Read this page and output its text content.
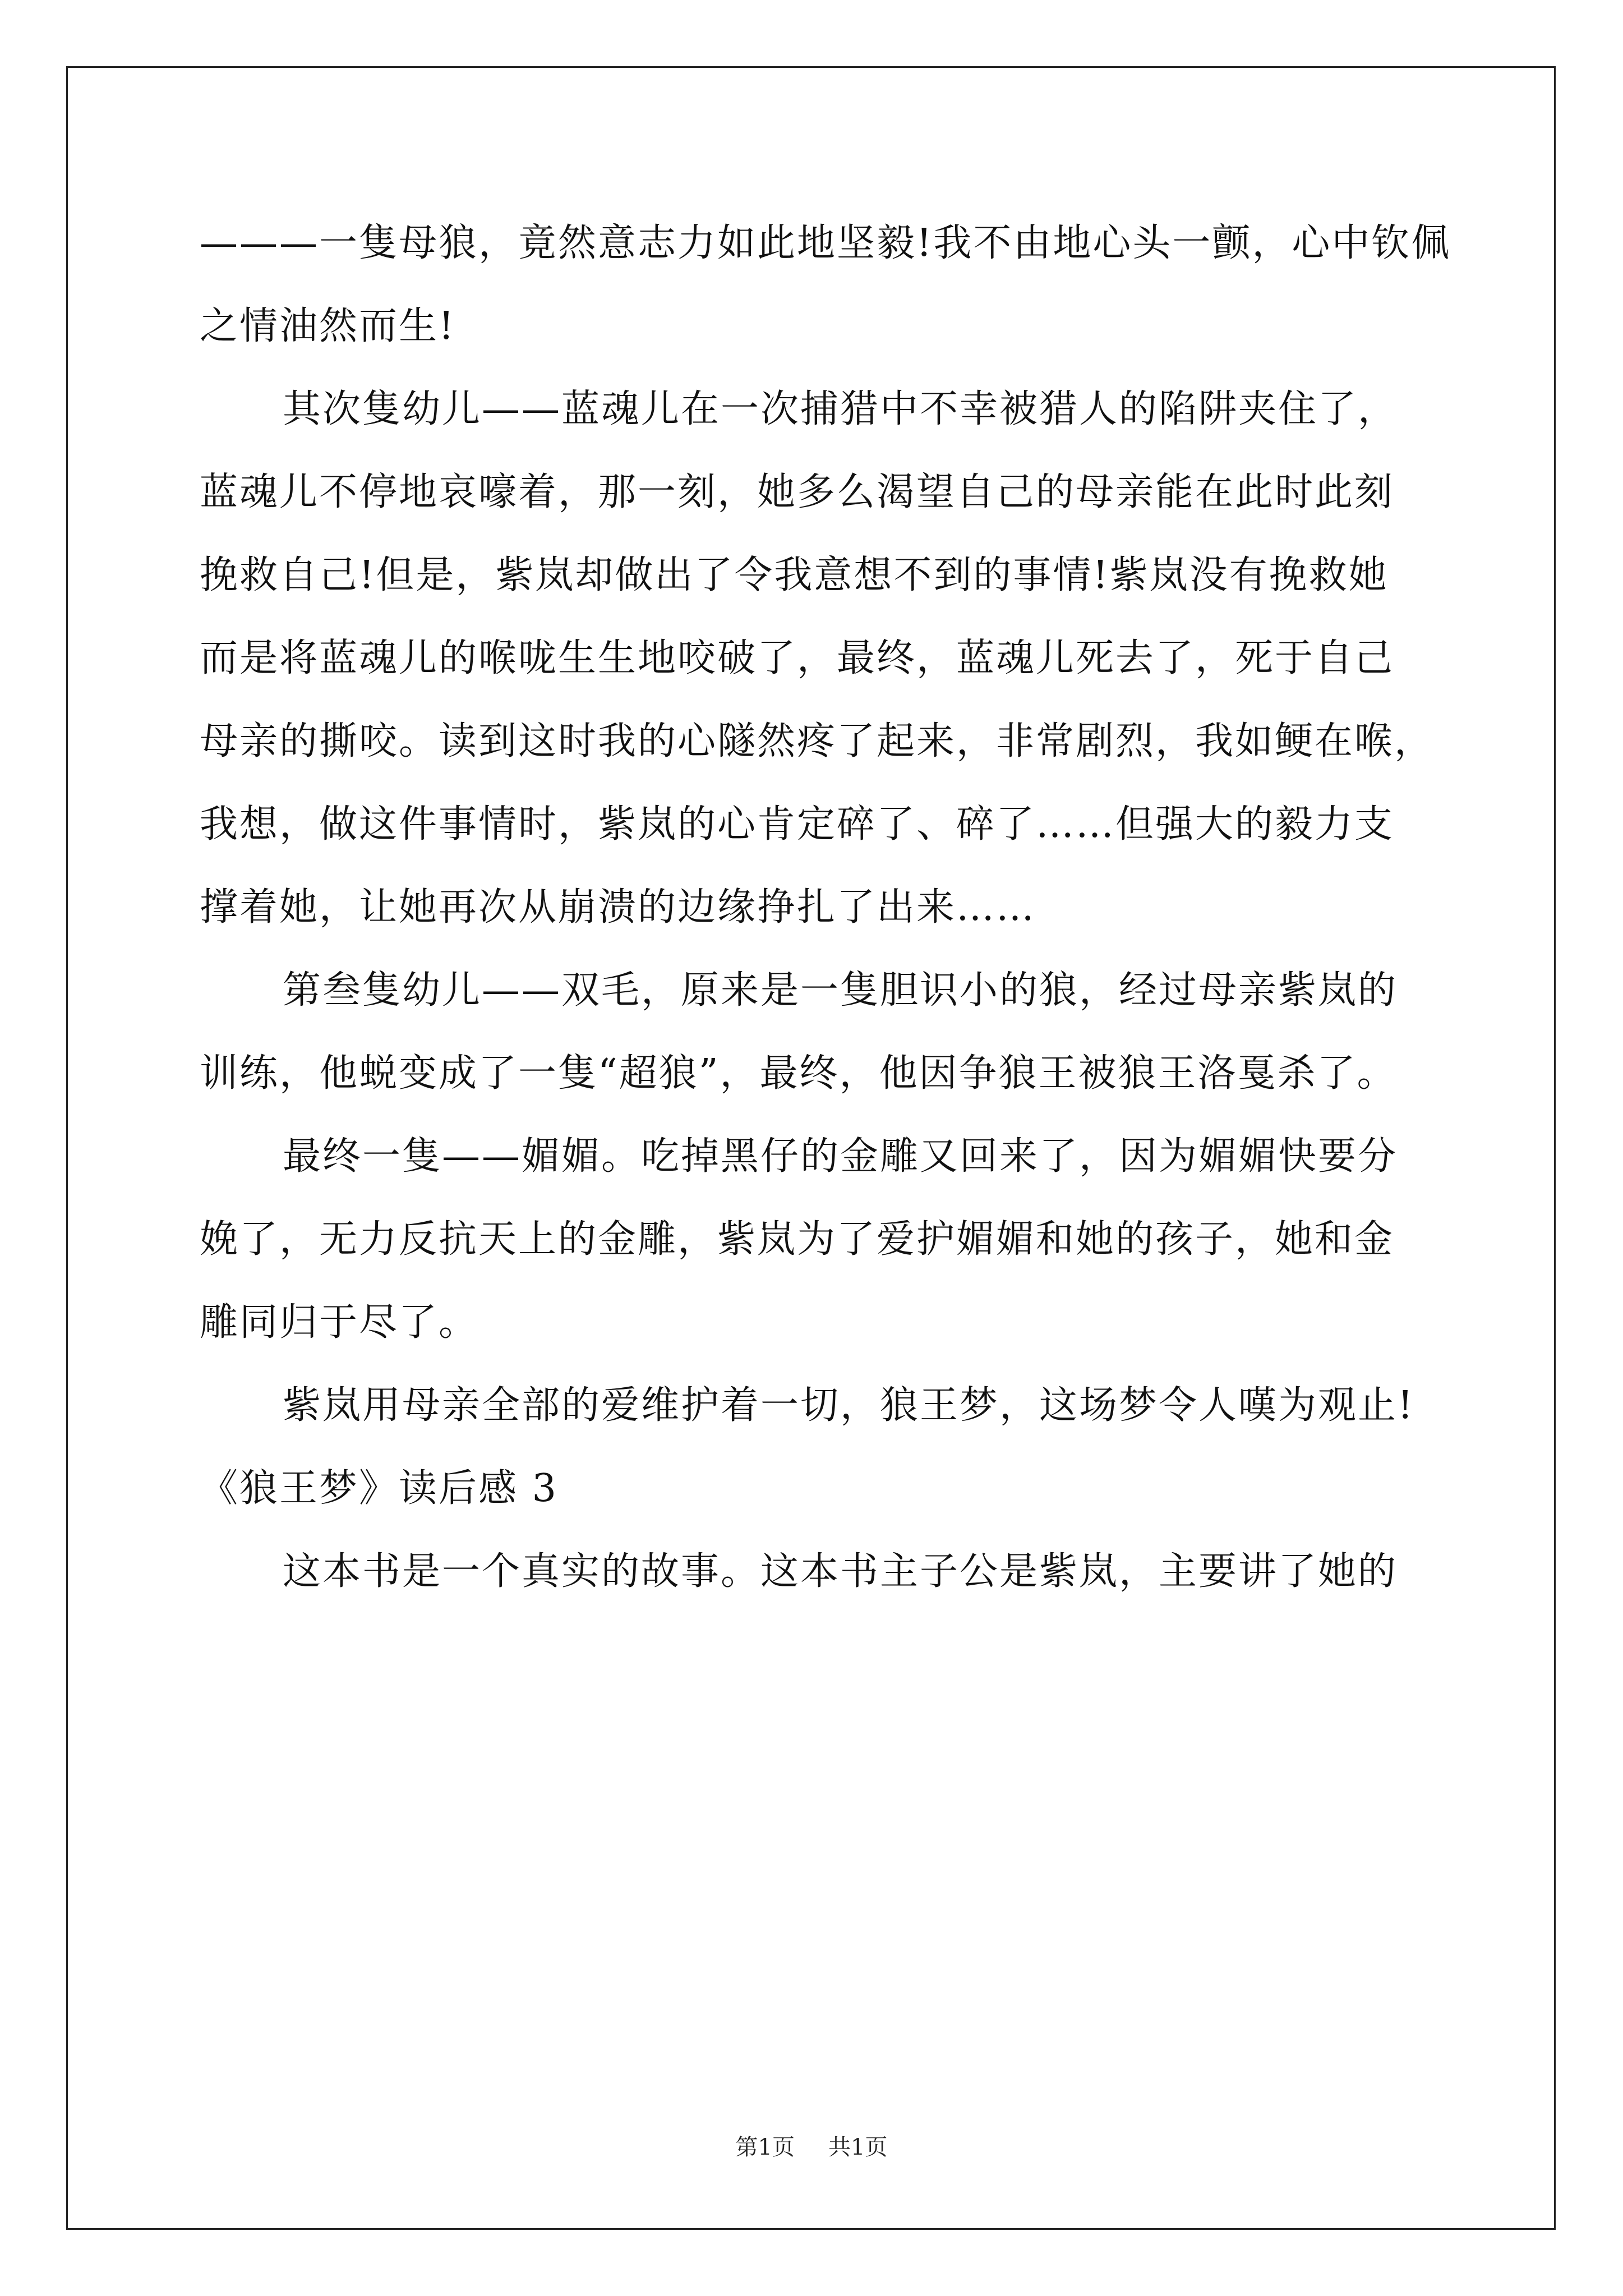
———一隻母狼，竟然意志力如此地坚毅!我不由地心头一颤，心中钦佩
之情油然而生!
其次隻幼儿——蓝魂儿在一次捕猎中不幸被猎人的陷阱夹住了，
蓝魂儿不停地哀嚎着，那一刻，她多么渴望自己的母亲能在此时此刻
挽救自己!但是，紫岚却做出了令我意想不到的事情!紫岚没有挽救她
而是将蓝魂儿的喉咙生生地咬破了，最终，蓝魂儿死去了，死于自己
母亲的撕咬。读到这时我的心隧然疼了起来，非常剧烈，我如鲠在喉，
我想，做这件事情时，紫岚的心肯定碎了、碎了……但强大的毅力支
撑着她，让她再次从崩溃的边缘挣扎了出来……
第叁隻幼儿——双毛，原来是一隻胆识小的狼，经过母亲紫岚的
训练，他蜕变成了一隻“超狼”，最终，他因争狼王被狼王洛戛杀了。
最终一隻——媚媚。吃掉黑仔的金雕又回来了，因为媚媚快要分
娩了，无力反抗天上的金雕，紫岚为了爱护媚媚和她的孩子，她和金
雕同归于尽了。
紫岚用母亲全部的爱维护着一切，狼王梦，这场梦令人嘆为观止!
《狼王梦》读后感 3
这本书是一个真实的故事。这本书主子公是紫岚，主要讲了她的
第1页 共1页
